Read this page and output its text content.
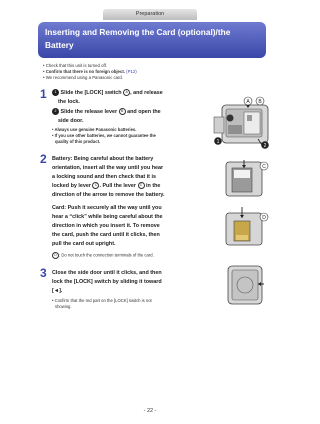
Preparation
Inserting and Removing the Card (optional)/the
Battery
• Check that this unit is turned off.
• Confirm that there is no foreign object. (P12)
• We recommend using a Panasonic card.
1	1 Slide the [LOCK] switch A , and release
the lock.
2 Slide the release lever B and open the
side door.
• Always use genuine Panasonic batteries.
• If you use other batteries, we cannot guarantee the
quality of this product.
2 Battery: Being careful about the battery
orientation, insert all the way until you hear
a locking sound and then check that it is
locked by lever C . Pull the lever C in the
direction of the arrow to remove the battery.
Card: Push it securely all the way until you
hear a “click” while being careful about the
direction in which you insert it. To remove
the card, push the card until it clicks, then
pull the card out upright.
D : Do not touch the connection terminals of the card.
3 Close the side door until it clicks, and then
lock the [LOCK] switch by sliding it toward
[◄].
• Confirm that the red part on the [LOCK] switch is not
showing.
B
A
2
1
C
D
- 22 -
